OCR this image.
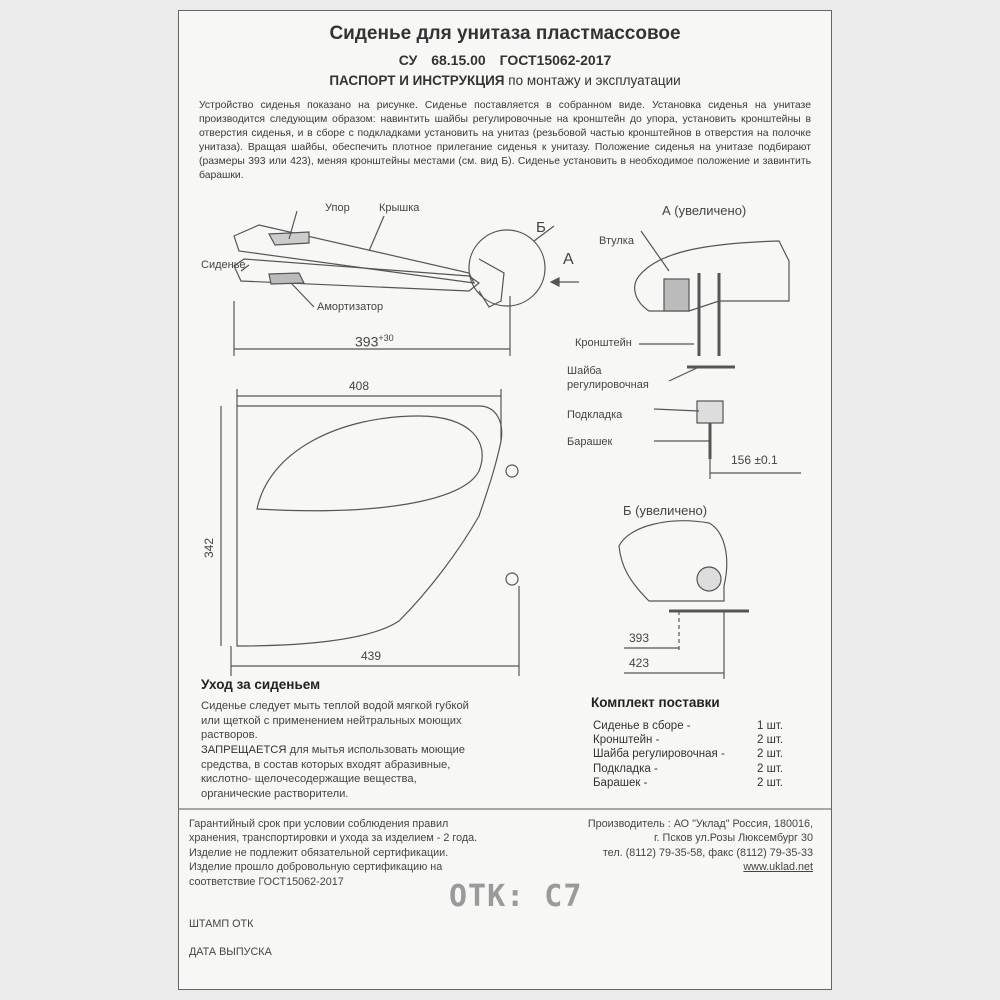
Сиденье для унитаза пластмассовое

СУ 68.15.00 ГОСТ15062-2017

ПАСПОРТ И ИНСТРУКЦИЯ по монтажу и эксплуатации

Устройство сиденья показано на рисунке. Сиденье поставляется в собранном виде. Установка сиденья на унитазе производится следующим образом: навинтить шайбы регулировочные на кронштейн до упора, установить кронштейны в отверстия сиденья, и в сборе с подкладками установить на унитаз (резьбовой частью кронштейнов в отверстия на полочке унитаза). Вращая шайбы, обеспечить плотное прилегание сиденья к унитазу. Положение сиденья на унитазе подбирают (размеры 393 или 423), меняя кронштейны местами (см. вид Б). Сиденье установить в необходимое положение и завинтить барашки.

Упор	Крышка
Сиденье
Амортизатор
Б
А
$393^{+30}$
408
342
439
А (увеличено)
Втулка
Кронштейн
Шайба
регулировочная
Подкладка
Барашек
156 ±0.1
Б (увеличено)
393
423

Уход за сиденьем

Сиденье следует мыть теплой водой мягкой губкой или щеткой с применением нейтральных моющих растворов.

ЗАПРЕЩАЕТСЯ для мытья использовать моющие средства, в состав которых входят абразивные, кислотно- щелочесодержащие вещества, органические растворители.

Комплект поставки

Сиденье в сборе -	1 шт.
Кронштейн -	2 шт.
Шайба регулировочная -	2 шт.
Подкладка -	2 шт.
Барашек -	2 шт.
Гарантийный срок при условии соблюдения правил
хранения, транспортировки и ухода за изделием - 2 года.
Изделие не подлежит обязательной сертификации.
Изделие прошло добровольную сертификацию на
соответствие ГОСТ15062-2017
Производитель : АО "Уклад" Россия, 180016,
г. Псков ул.Розы Люксембург 30
тел. (8112) 79-35-58, факс (8112) 79-35-33
www.uklad.net
ОТК: С7
ШТАМП ОТК
ДАТА ВЫПУСКА
